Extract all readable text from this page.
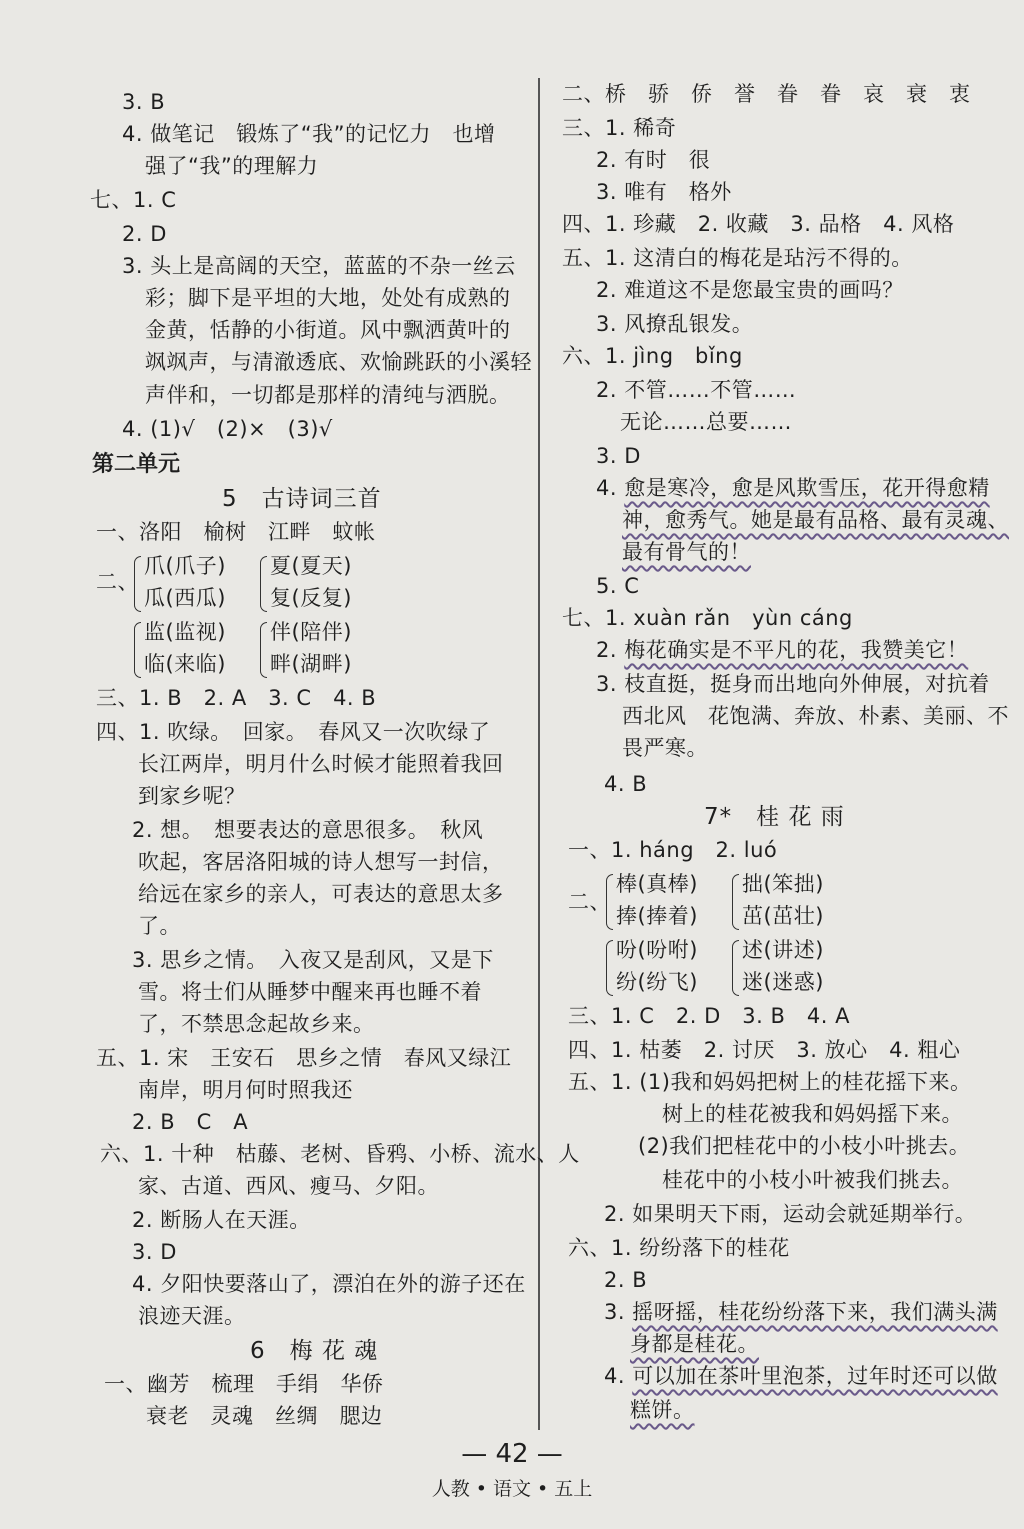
3. B
4. 做笔记　锻炼了“我”的记忆力　也增
强了“我”的理解力
七、1. C
2. D
3. 头上是高阔的天空，蓝蓝的不杂一丝云
彩；脚下是平坦的大地，处处有成熟的
金黄，恬静的小街道。风中飘洒黄叶的
飒飒声，与清澈透底、欢愉跳跃的小溪轻
声伴和，一切都是那样的清纯与洒脱。
4. (1)√　(2)×　(3)√
第二单元
5　古诗词三首
一、洛阳　榆树　江畔　蚊帐
二、
爪(爪子)
瓜(西瓜)
夏(夏天)
复(反复)
监(监视)
临(来临)
伴(陪伴)
畔(湖畔)
三、1. B　2. A　3. C　4. B
四、1. 吹绿。　回家。　春风又一次吹绿了
长江两岸，明月什么时候才能照着我回
到家乡呢？
2. 想。　想要表达的意思很多。　秋风
吹起，客居洛阳城的诗人想写一封信，
给远在家乡的亲人，可表达的意思太多
了。
3. 思乡之情。　入夜又是刮风，又是下
雪。将士们从睡梦中醒来再也睡不着
了，不禁思念起故乡来。
五、1. 宋　王安石　思乡之情　春风又绿江
南岸，明月何时照我还
2. B　C　A
六、1. 十种　枯藤、老树、昏鸦、小桥、流水、人
家、古道、西风、瘦马、夕阳。
2. 断肠人在天涯。
3. D
4. 夕阳快要落山了，漂泊在外的游子还在
浪迹天涯。
6　梅 花 魂
一、幽芳　梳理　手绢　华侨
衰老　灵魂　丝绸　腮边
二、桥　骄　侨　誉　眷　眷　哀　衰　衷
三、1. 稀奇
2. 有时　很
3. 唯有　格外
四、1. 珍藏　2. 收藏　3. 品格　4. 风格
五、1. 这清白的梅花是玷污不得的。
2. 难道这不是您最宝贵的画吗？
3. 风撩乱银发。
六、1. jìng　bǐng
2. 不管……不管……
无论……总要……
3. D
4. 愈是寒冷，愈是风欺雪压，花开得愈精
神，愈秀气。她是最有品格、最有灵魂、
最有骨气的！
5. C
七、1. xuàn rǎn　yùn cáng
2. 梅花确实是不平凡的花，我赞美它！
3. 枝直挺，挺身而出地向外伸展，对抗着
西北风　花饱满、奔放、朴素、美丽、不
畏严寒。
4. B
7*　桂 花 雨
一、1. háng　2. luó
二、
棒(真棒)
捧(捧着)
拙(笨拙)
茁(茁壮)
吩(吩咐)
纷(纷飞)
述(讲述)
迷(迷惑)
三、1. C　2. D　3. B　4. A
四、1. 枯萎　2. 讨厌　3. 放心　4. 粗心
五、1. (1)我和妈妈把树上的桂花摇下来。
树上的桂花被我和妈妈摇下来。
(2)我们把桂花中的小枝小叶挑去。
桂花中的小枝小叶被我们挑去。
2. 如果明天下雨，运动会就延期举行。
六、1. 纷纷落下的桂花
2. B
3. 摇呀摇，桂花纷纷落下来，我们满头满
身都是桂花。
4. 可以加在茶叶里泡茶，过年时还可以做
糕饼。
— 42 —
人教 • 语文 • 五上
